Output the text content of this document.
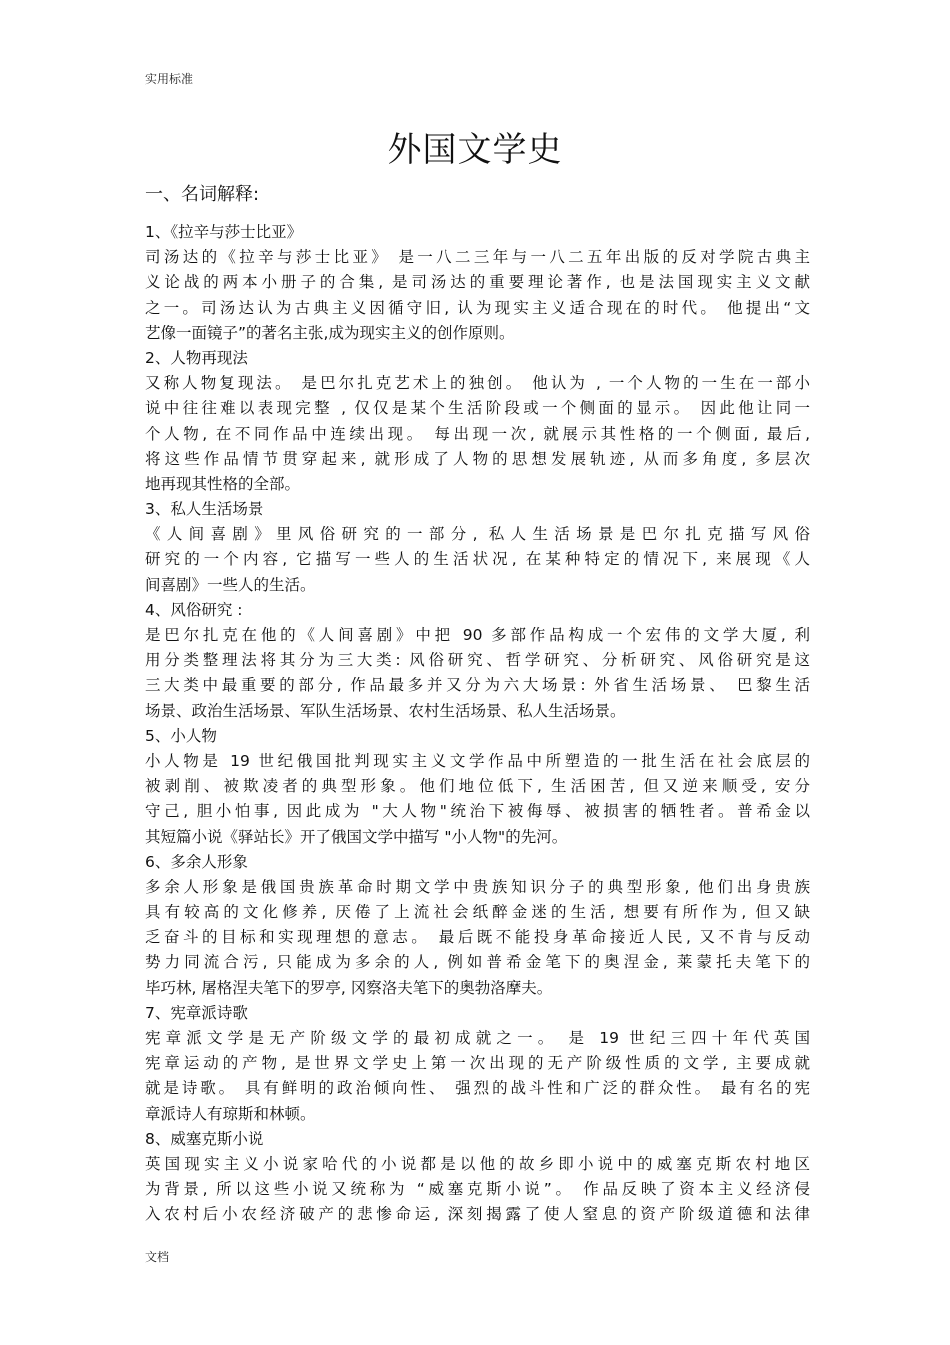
实用标准
外国文学史
一、名词解释:
1、《拉辛与莎士比亚》
司汤达的《拉辛与莎士比亚》 是一八二三年与一八二五年出版的反对学院古典主
义论战的两本小册子的合集, 是司汤达的重要理论著作, 也是法国现实主义文献
之一。司汤达认为古典主义因循守旧, 认为现实主义适合现在的时代。 他提出“文
艺像一面镜子”的著名主张,成为现实主义的创作原则。
2、人物再现法
又称人物复现法。 是巴尔扎克艺术上的独创。 他认为 , 一个人物的一生在一部小
说中往往难以表现完整 , 仅仅是某个生活阶段或一个侧面的显示。 因此他让同一
个人物, 在不同作品中连续出现。 每出现一次, 就展示其性格的一个侧面, 最后,
将这些作品情节贯穿起来, 就形成了人物的思想发展轨迹, 从而多角度, 多层次
地再现其性格的全部。
3、私人生活场景
《人间喜剧》里风俗研究的一部分, 私人生活场景是巴尔扎克描写风俗
研究的一个内容, 它描写一些人的生活状况, 在某种特定的情况下, 来展现《人
间喜剧》一些人的生活。
4、风俗研究 :
是巴尔扎克在他的《人间喜剧》中把 90 多部作品构成一个宏伟的文学大厦, 利
用分类整理法将其分为三大类: 风俗研究、哲学研究、分析研究、风俗研究是这
三大类中最重要的部分, 作品最多并又分为六大场景: 外省生活场景、 巴黎生活
场景、政治生活场景、军队生活场景、农村生活场景、私人生活场景。
5、小人物
小人物是 19 世纪俄国批判现实主义文学作品中所塑造的一批生活在社会底层的
被剥削、被欺凌者的典型形象。他们地位低下, 生活困苦, 但又逆来顺受, 安分
守己, 胆小怕事, 因此成为 "大人物"统治下被侮辱、被损害的牺牲者。普希金以
其短篇小说《驿站长》开了俄国文学中描写 "小人物"的先河。
6、多余人形象
多余人形象是俄国贵族革命时期文学中贵族知识分子的典型形象, 他们出身贵族
具有较高的文化修养, 厌倦了上流社会纸醉金迷的生活, 想要有所作为, 但又缺
乏奋斗的目标和实现理想的意志。 最后既不能投身革命接近人民, 又不肯与反动
势力同流合污, 只能成为多余的人, 例如普希金笔下的奥涅金, 莱蒙托夫笔下的
毕巧林, 屠格涅夫笔下的罗亭, 冈察洛夫笔下的奥勃洛摩夫。
7、宪章派诗歌
宪章派文学是无产阶级文学的最初成就之一。 是 19 世纪三四十年代英国
宪章运动的产物, 是世界文学史上第一次出现的无产阶级性质的文学, 主要成就
就是诗歌。 具有鲜明的政治倾向性、 强烈的战斗性和广泛的群众性。 最有名的宪
章派诗人有琼斯和林顿。
8、威塞克斯小说
英国现实主义小说家哈代的小说都是以他的故乡即小说中的威塞克斯农村地区
为背景, 所以这些小说又统称为 “威塞克斯小说”。 作品反映了资本主义经济侵
入农村后小农经济破产的悲惨命运, 深刻揭露了使人窒息的资产阶级道德和法律
文档
